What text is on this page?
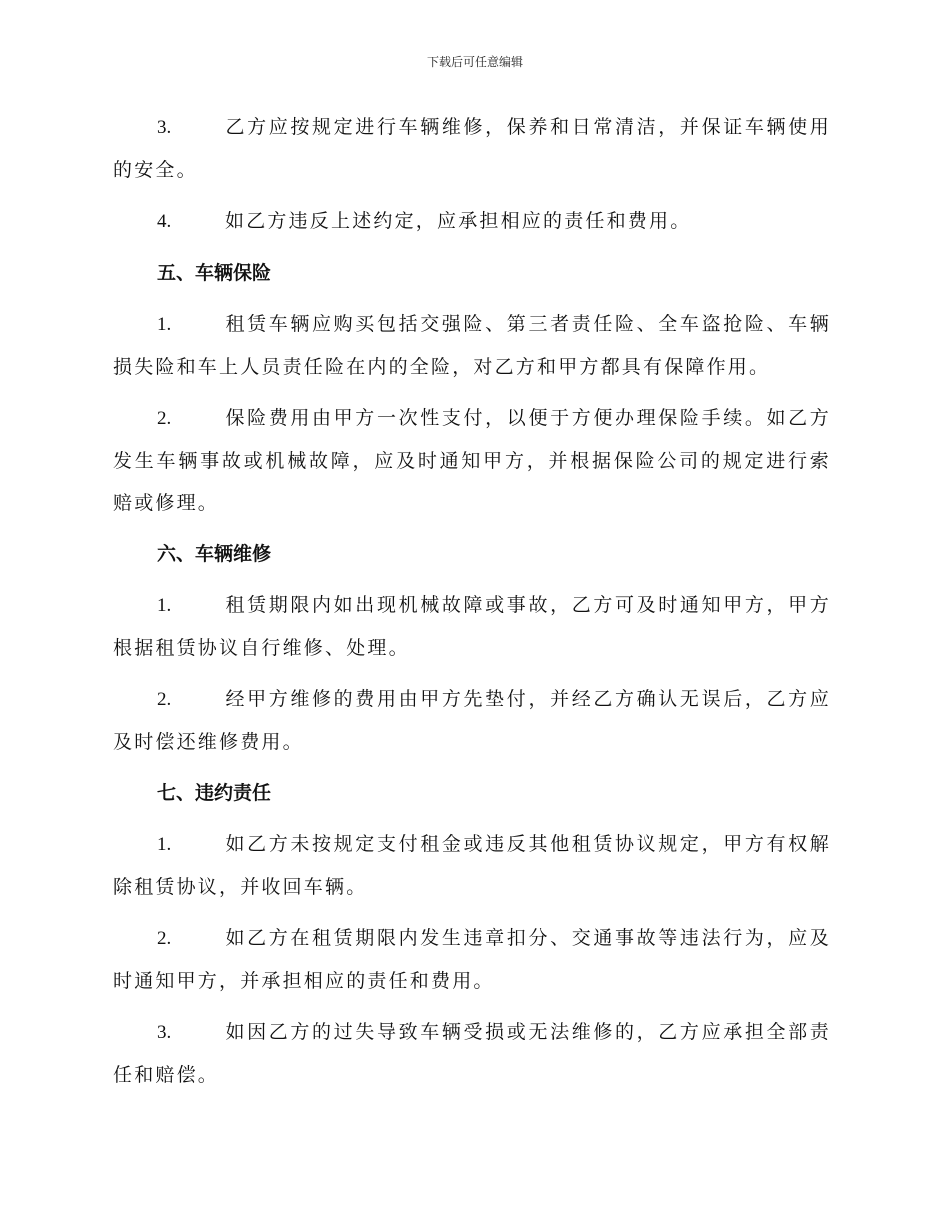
下载后可任意编辑

3.	乙方应按规定进行车辆维修，保养和日常清洁，并保证车辆使用的安全。

4.	如乙方违反上述约定，应承担相应的责任和费用。

五、车辆保险

1.	租赁车辆应购买包括交强险、第三者责任险、全车盗抢险、车辆损失险和车上人员责任险在内的全险，对乙方和甲方都具有保障作用。

2.	保险费用由甲方一次性支付，以便于方便办理保险手续。如乙方发生车辆事故或机械故障，应及时通知甲方，并根据保险公司的规定进行索赔或修理。

六、车辆维修

1.	租赁期限内如出现机械故障或事故，乙方可及时通知甲方，甲方根据租赁协议自行维修、处理。

2.	经甲方维修的费用由甲方先垫付，并经乙方确认无误后，乙方应及时偿还维修费用。

七、违约责任

1.	如乙方未按规定支付租金或违反其他租赁协议规定，甲方有权解除租赁协议，并收回车辆。

2.	如乙方在租赁期限内发生违章扣分、交通事故等违法行为，应及时通知甲方，并承担相应的责任和费用。

3.	如因乙方的过失导致车辆受损或无法维修的，乙方应承担全部责任和赔偿。
